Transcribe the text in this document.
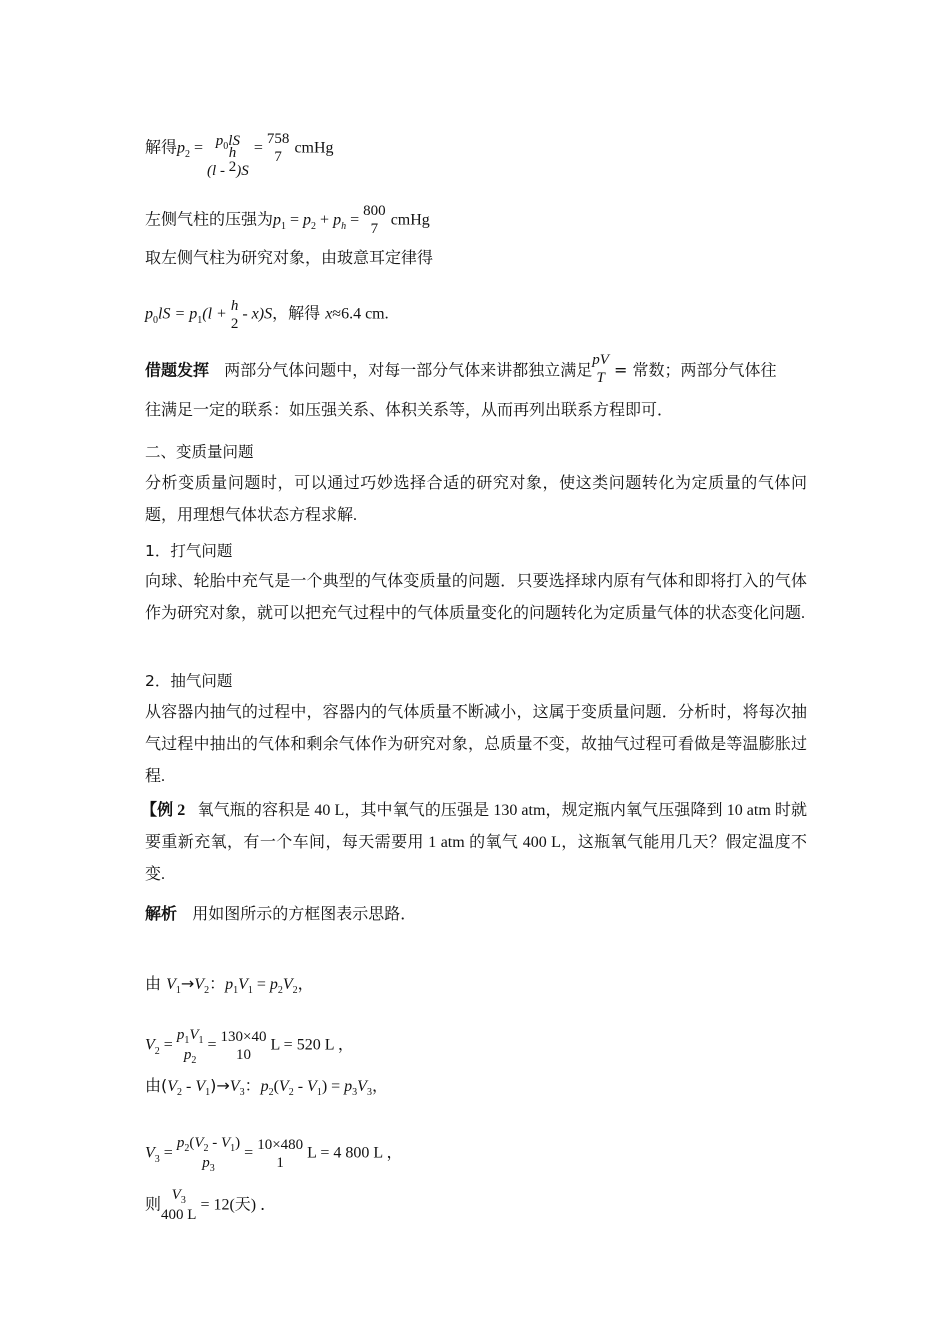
解得$p_2 = p_0lS$
(l -
h
2 )S
=
758
7
cmHg
左侧气柱的压强为$p_1 = p_2 + p_h$ =
800
7
cmHg
取左侧气柱为研究对象，由玻意耳定律得
$p_0lS = p_1(l + h$
2
- x)S，解得 x≈6.4 cm.
借题发挥 两部分气体问题中，对每一部分气体来讲都独立满足
pV
T = 常数；两部分气体往
往满足一定的联系：如压强关系、体积关系等，从而再列出联系方程即可．
二、变质量问题
分析变质量问题时，可以通过巧妙选择合适的研究对象，使这类问题转化为定质量的气体问题，用理想气体状态方程求解.
1．打气问题
向球、轮胎中充气是一个典型的气体变质量的问题．只要选择球内原有气体和即将打入的气体作为研究对象，就可以把充气过程中的气体质量变化的问题转化为定质量气体的状态变化问题.
2．抽气问题
从容器内抽气的过程中，容器内的气体质量不断减小，这属于变质量问题．分析时，将每次抽气过程中抽出的气体和剩余气体作为研究对象，总质量不变，故抽气过程可看做是等温膨胀过程.
【例 2 氧气瓶的容积是 40 L，其中氧气的压强是 130 atm，规定瓶内氧气压强降到 10 atm 时就要重新充氧，有一个车间，每天需要用 1 atm 的氧气 400 L，这瓶氧气能用几天？假定温度不变.
解析 用如图所示的方框图表示思路．
由 $V_1\to V_2$：$p_1V_1 = p_2V_2$，
$V_2$ =
$p_1V_1$
$p_2$
= 130×40
10
L = 520 L ，
由$(V_2 - V_1)\to V_3$：$p_2(V_2 - V_1) = p_3V_3$，
$V_3$ =
$p_2(V_2 - V_1)$
$p_3$
= 10×480
1
L = 4 800 L ，
则 $V_3$
400 L
= 12(天) ．
